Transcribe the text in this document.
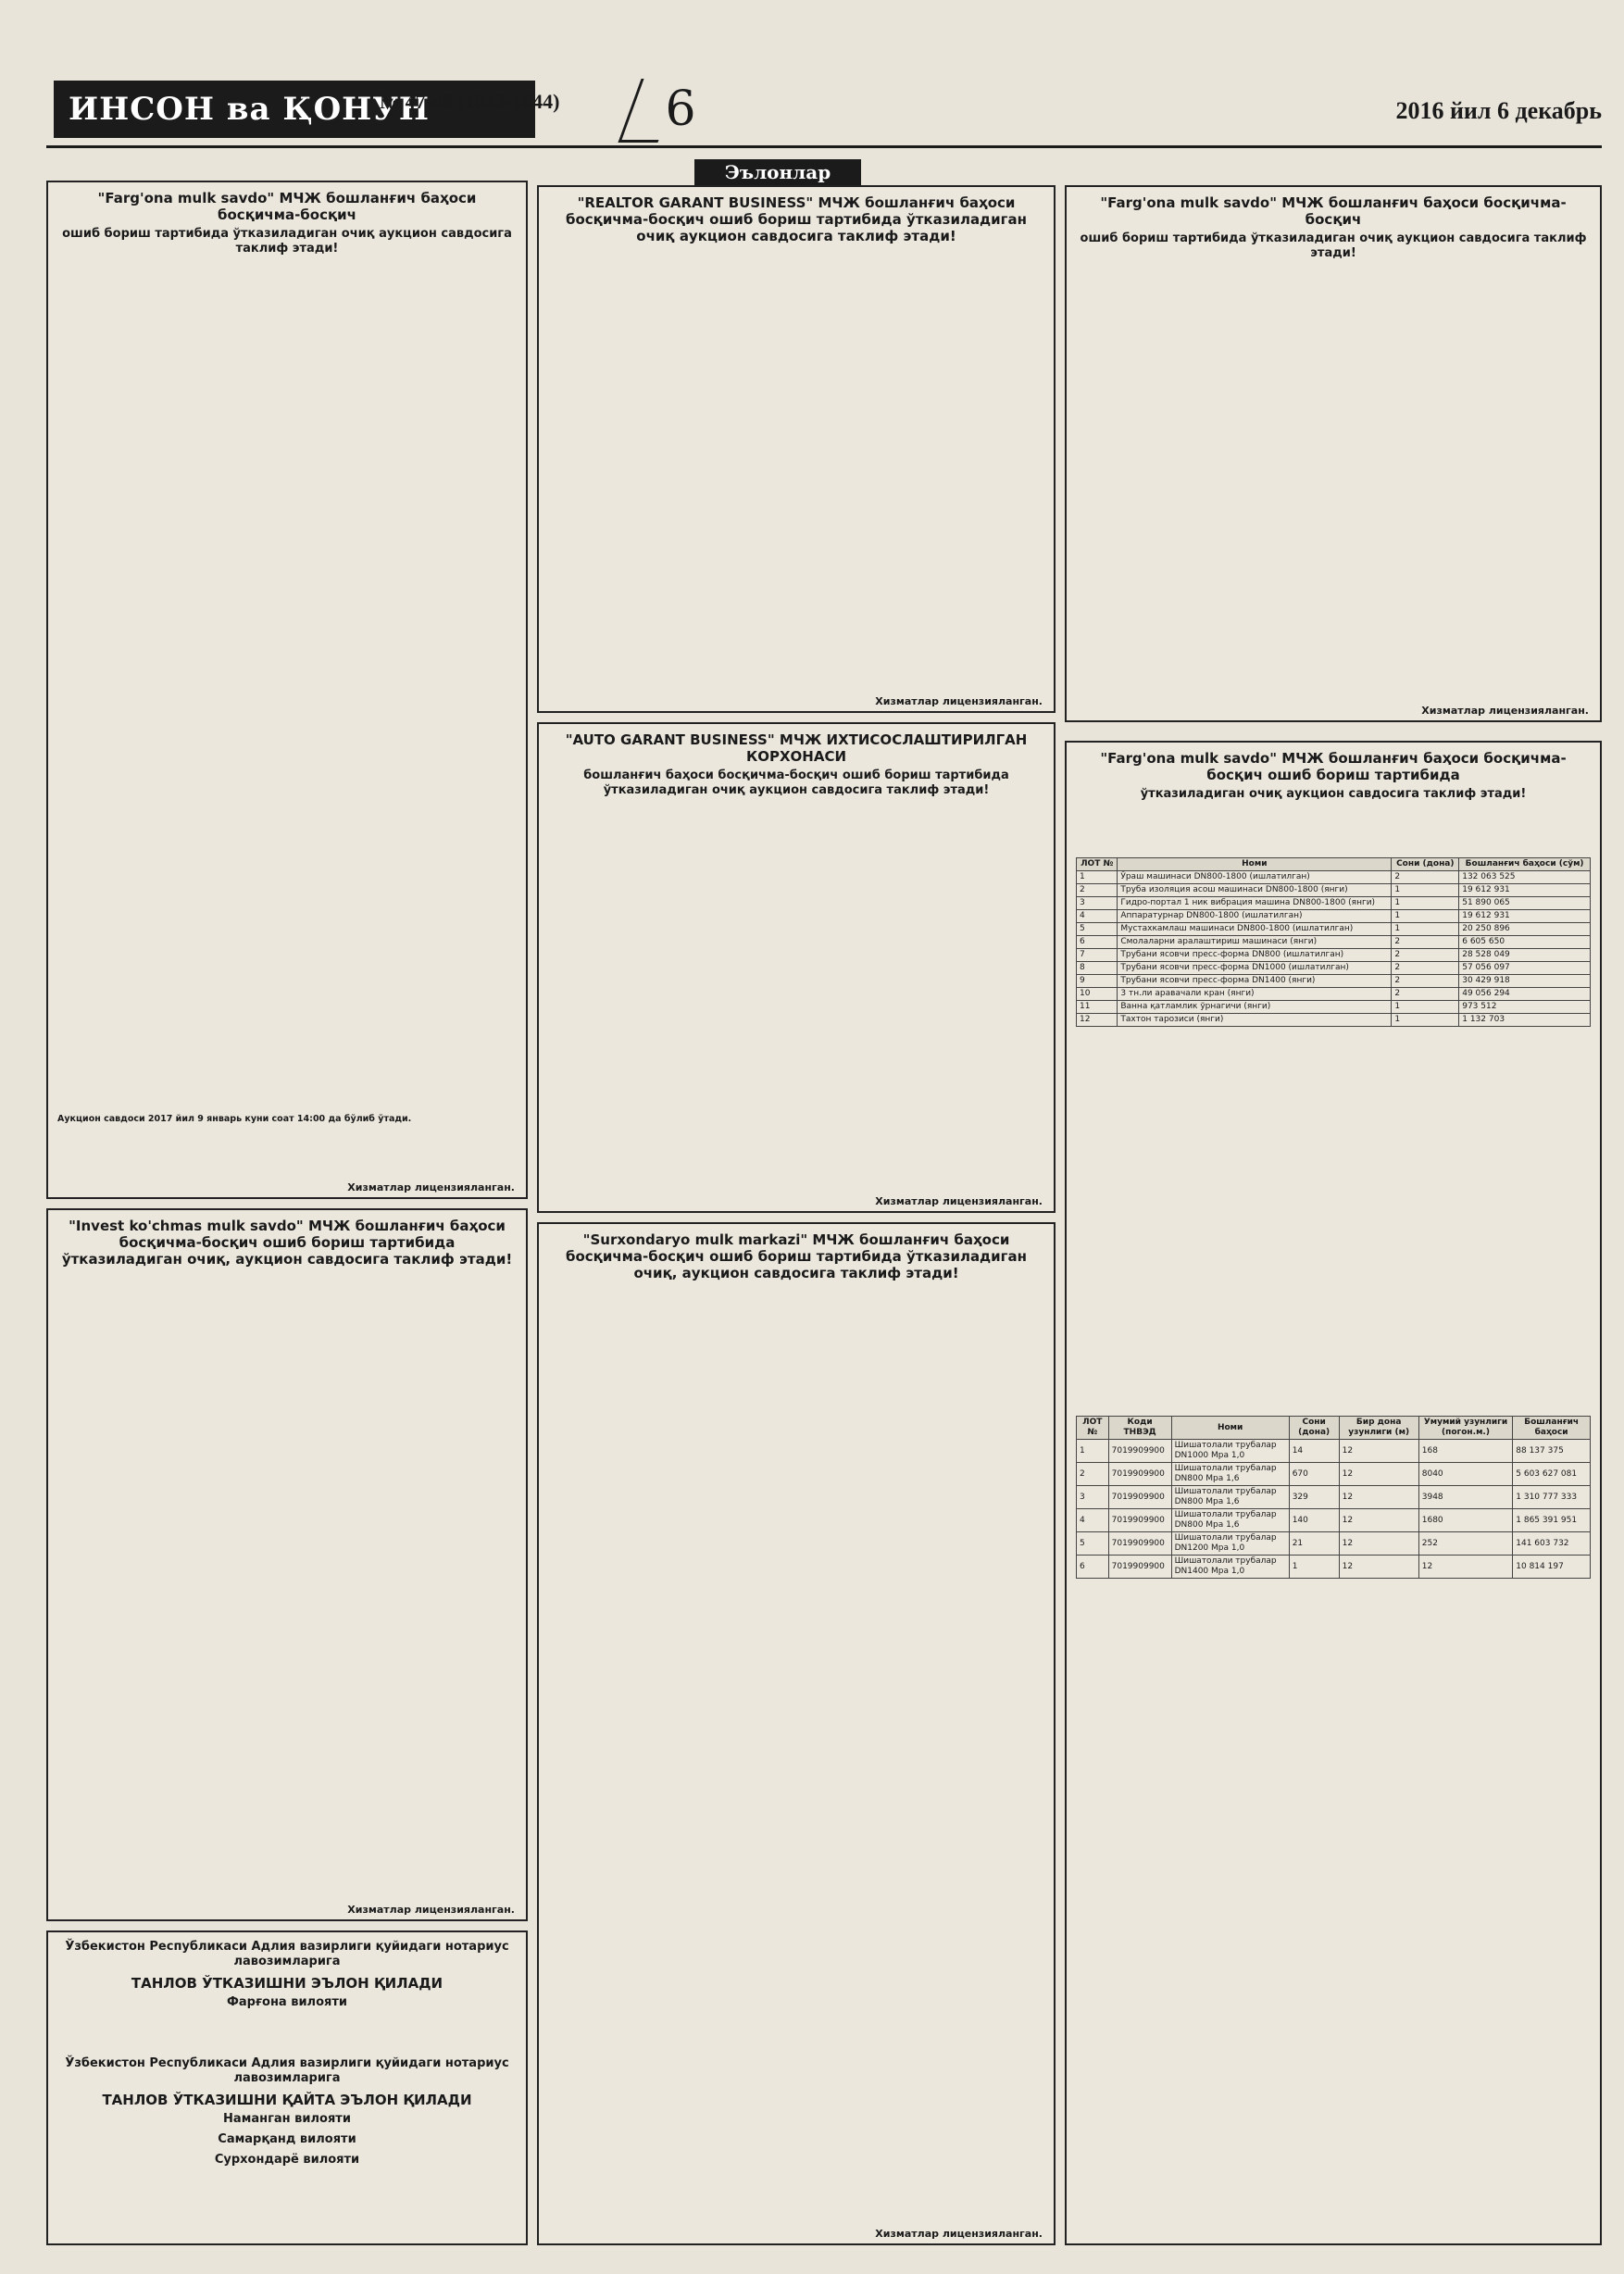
ИНСОН ва ҚОНУН
№ 47-48 (1043-1044)	6	2016 йил 6 декабрь
Эълонлар
"Farg'ona mulk savdo" МЧЖ бошланғич баҳоси босқичма-босқич
ошиб бориш тартибида ўтказиладиган очиқ аукцион савдосига таклиф этади!

Аукцион савдоси 2017 йил 9 январь куни соат 14:00 да бўлиб ўтади.

Хизматлар лицензияланган.
"Invest ko'chmas mulk savdo" МЧЖ бошланғич баҳоси босқичма-босқич ошиб бориш тартибида ўтказиладиган очиқ, аукцион савдосига таклиф этади!
Хизматлар лицензияланган.
Ўзбекистон Республикаси Адлия вазирлиги қуйидаги нотариус лавозимларига
ТАНЛОВ ЎТКАЗИШНИ ЭЪЛОН ҚИЛАДИ
Фарғона вилояти
Ўзбекистон Республикаси Адлия вазирлиги қуйидаги нотариус лавозимларига
ТАНЛОВ ЎТКАЗИШНИ ҚАЙТА ЭЪЛОН ҚИЛАДИ
Наманган вилояти
Самарқанд вилояти
Сурхондарё вилояти
"REALTOR GARANT BUSINESS" МЧЖ бошланғич баҳоси босқичма-босқич ошиб бориш тартибида ўтказиладиган очиқ аукцион савдосига таклиф этади!
Хизматлар лицензияланган.
"AUTO GARANT BUSINESS" МЧЖ ИХТИСОСЛАШТИРИЛГАН КОРХОНАСИ
бошланғич баҳоси босқичма-босқич ошиб бориш тартибида ўтказиладиган очиқ аукцион савдосига таклиф этади!
Хизматлар лицензияланган.
"Surxondaryo mulk markazi" МЧЖ бошланғич баҳоси босқичма-босқич ошиб бориш тартибида ўтказиладиган очиқ, аукцион савдосига таклиф этади!
Хизматлар лицензияланган.
"Farg'ona mulk savdo" МЧЖ бошланғич баҳоси босқичма-босқич
ошиб бориш тартибида ўтказиладиган очиқ аукцион савдосига таклиф этади!
Хизматлар лицензияланган.
"Farg'ona mulk savdo" МЧЖ бошланғич баҳоси босқичма-босқич ошиб бориш тартибида
ўтказиладиган очиқ аукцион савдосига таклиф этади!
ЛОТ №	Номи	Сони (дона)	Бошланғич баҳоси (сўм)
1	Ўраш машинаси DN800-1800 (ишлатилган)	2	132 063 525
2	Труба изоляция асош машинаси DN800-1800 (янги)	1	19 612 931
3	Гидро-портал 1 ник вибрация машина DN800-1800 (янги)	1	51 890 065
4	Аппаратурнар DN800-1800 (ишлатилган)	1	19 612 931
5	Мустахкамлаш машинаси DN800-1800 (ишлатилган)	1	20 250 896
6	Смолаларни аралаштириш машинаси (янги)	2	6 605 650
7	Трубани ясовчи пресс-форма DN800 (ишлатилган)	2	28 528 049
8	Трубани ясовчи пресс-форма DN1000 (ишлатилган)	2	57 056 097
9	Трубани ясовчи пресс-форма DN1400 (янги)	2	30 429 918
10	3 тн.ли аравачали кран (янги)	2	49 056 294
11	Ванна қатламлик ўрнагичи (янги)	1	973 512
12	Тахтон тарозиси (янги)	1	1 132 703
ЛОТ №	Коди ТНВЭД	Номи	Сони (дона)	Бир дона узунлиги (м)	Умумий узунлиги (погон.м.)	Бошланғич баҳоси
1	7019909900	Шишатолали трубалар DN1000 Мра 1,0	14	12	168	88 137 375
2	7019909900	Шишатолали трубалар DN800 Мра 1,6	670	12	8040	5 603 627 081
3	7019909900	Шишатолали трубалар DN800 Мра 1,6	329	12	3948	1 310 777 333
4	7019909900	Шишатолали трубалар DN800 Мра 1,6	140	12	1680	1 865 391 951
5	7019909900	Шишатолали трубалар DN1200 Мра 1,0	21	12	252	141 603 732
6	7019909900	Шишатолали трубалар DN1400 Мра 1,0	1	12	12	10 814 197
